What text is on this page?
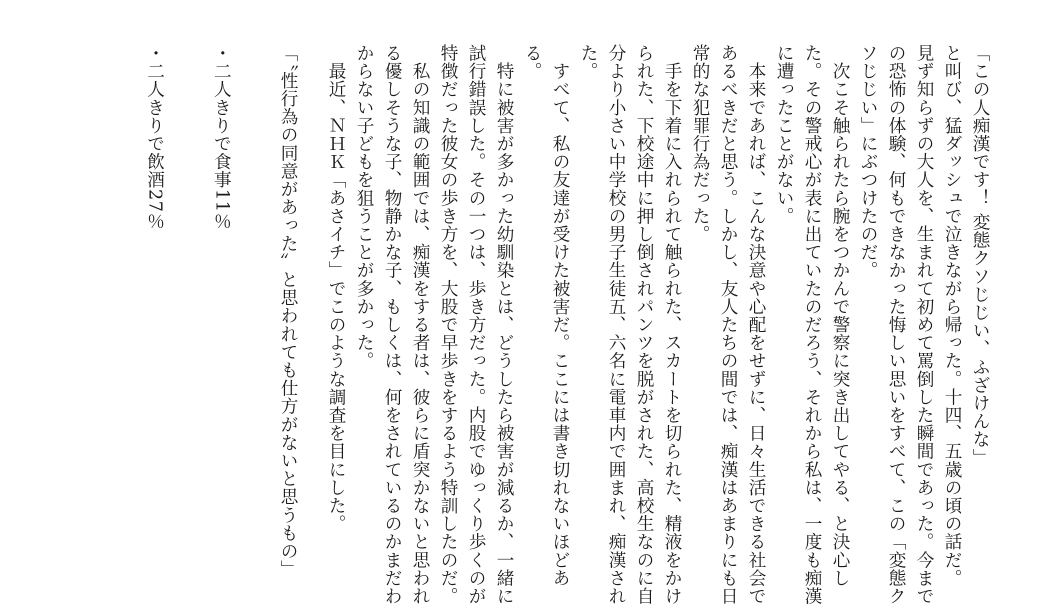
「この人痴漢です！ 変態クソじじい、ふざけんな」
と叫び、猛ダッシュで泣きながら帰った。十四、五歳の頃の話だ。
見ず知らずの大人を、生まれて初めて罵倒した瞬間であった。今まで
の恐怖の体験、何もできなかった悔しい思いをすべて、この「変態ク
ソじじい」にぶつけたのだ。
　次こそ触られたら腕をつかんで警察に突き出してやる、と決心し
た。その警戒心が表に出ていたのだろう、それから私は、一度も痴漢
に遭ったことがない。
　本来であれば、こんな決意や心配をせずに、日々生活できる社会で
あるべきだと思う。しかし、友人たちの間では、痴漢はあまりにも日
常的な犯罪行為だった。
　手を下着に入れられて触られた、スカートを切られた、精液をかけ
られた、下校途中に押し倒されパンツを脱がされた、高校生なのに自
分より小さい中学校の男子生徒五、六名に電車内で囲まれ、痴漢され
た。
　すべて、私の友達が受けた被害だ。ここには書き切れないほどあ
る。
　特に被害が多かった幼馴染とは、どうしたら被害が減るか、一緒に
試行錯誤した。その一つは、歩き方だった。内股でゆっくり歩くのが
特徴だった彼女の歩き方を、大股で早歩きをするよう特訓したのだ。
　私の知識の範囲では、痴漢をする者は、彼らに盾突かないと思われ
る優しそうな子、物静かな子、もしくは、何をされているのかまだわ
からない子どもを狙うことが多かった。
　最近、ＮＨＫ「あさイチ」でこのような調査を目にした。
「〝性行為の同意があった〟と思われても仕方がないと思うもの」
・二人きりで食事11％
・二人きりで飲酒27％
